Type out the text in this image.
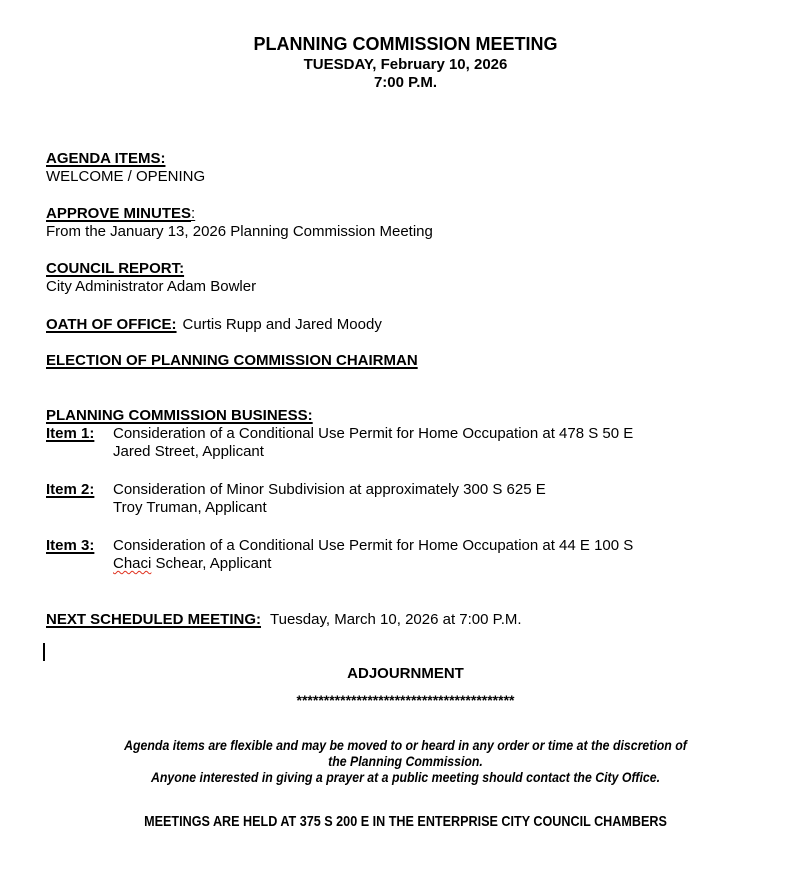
PLANNING COMMISSION MEETING
TUESDAY, February 10, 2026
7:00 P.M.
AGENDA ITEMS:
WELCOME / OPENING
APPROVE MINUTES:
From the January 13, 2026 Planning Commission Meeting
COUNCIL REPORT:
City Administrator Adam Bowler
OATH OF OFFICE: Curtis Rupp and Jared Moody
ELECTION OF PLANNING COMMISSION CHAIRMAN
PLANNING COMMISSION BUSINESS:
Item 1: Consideration of a Conditional Use Permit for Home Occupation at 478 S 50 E
Jared Street, Applicant
Item 2: Consideration of Minor Subdivision at approximately 300 S 625 E
Troy Truman, Applicant
Item 3: Consideration of a Conditional Use Permit for Home Occupation at 44 E 100 S
Chaci Schear, Applicant
NEXT SCHEDULED MEETING: Tuesday, March 10, 2026 at 7:00 P.M.
ADJOURNMENT
****************************************
Agenda items are flexible and may be moved to or heard in any order or time at the discretion of
the Planning Commission.
Anyone interested in giving a prayer at a public meeting should contact the City Office.
MEETINGS ARE HELD AT 375 S 200 E IN THE ENTERPRISE CITY COUNCIL CHAMBERS
